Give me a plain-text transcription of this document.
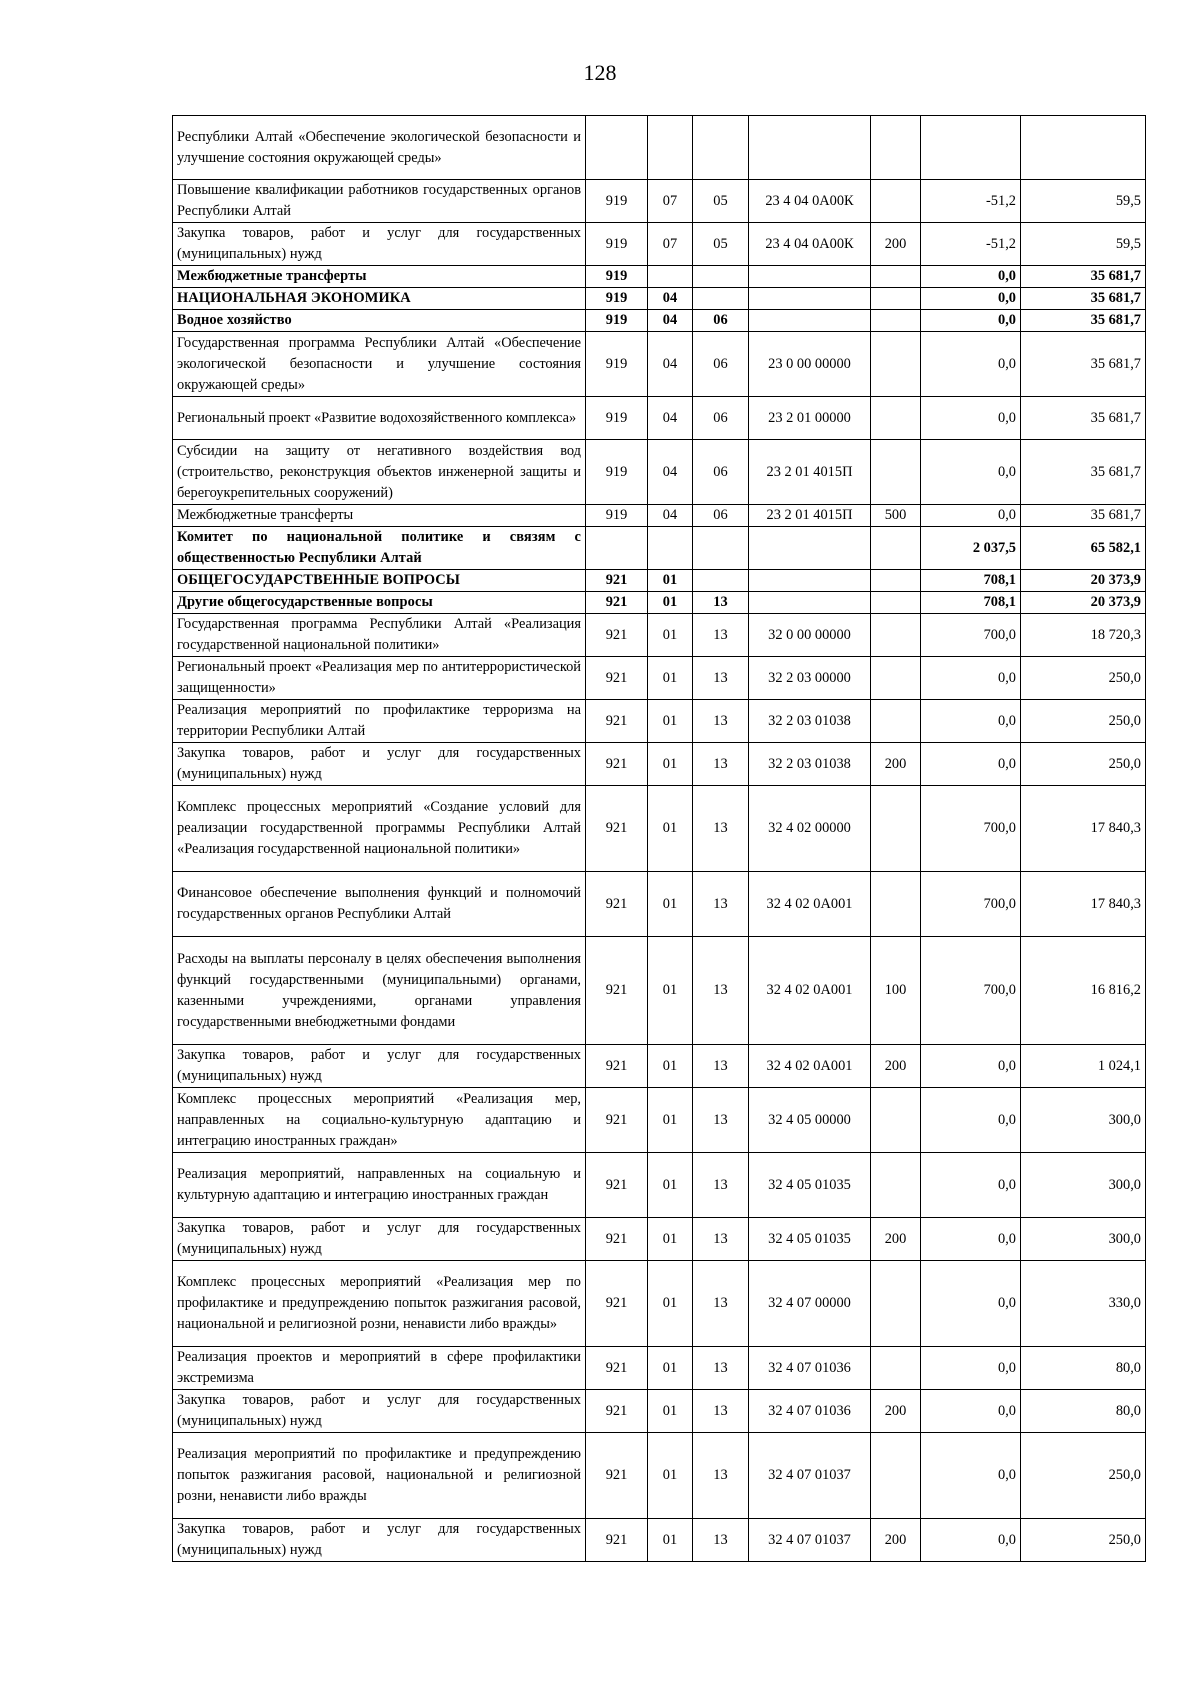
128
Республики Алтай «Обеспечение экологической безопасности и улучшение состояния окружающей среды»							
Повышение квалификации работников государственных органов Республики Алтай	919	07	05	23 4 04 0А00К		-51,2	59,5
Закупка товаров, работ и услуг для государственных (муниципальных) нужд	919	07	05	23 4 04 0А00К	200	-51,2	59,5
Межбюджетные трансферты	919					0,0	35 681,7
НАЦИОНАЛЬНАЯ ЭКОНОМИКА	919	04				0,0	35 681,7
Водное хозяйство	919	04	06			0,0	35 681,7
Государственная программа Республики Алтай «Обеспечение экологической безопасности и улучшение состояния окружающей среды»	919	04	06	23 0 00 00000		0,0	35 681,7
Региональный проект «Развитие водохозяйственного комплекса»	919	04	06	23 2 01 00000		0,0	35 681,7
Субсидии на защиту от негативного воздействия вод (строительство, реконструкция объектов инженерной защиты и берегоукрепительных сооружений)	919	04	06	23 2 01 4015П		0,0	35 681,7
Межбюджетные трансферты	919	04	06	23 2 01 4015П	500	0,0	35 681,7
Комитет по национальной политике и связям с общественностью Республики Алтай						2 037,5	65 582,1
ОБЩЕГОСУДАРСТВЕННЫЕ ВОПРОСЫ	921	01				708,1	20 373,9
Другие общегосударственные вопросы	921	01	13			708,1	20 373,9
Государственная программа Республики Алтай «Реализация государственной национальной политики»	921	01	13	32 0 00 00000		700,0	18 720,3
Региональный проект «Реализация мер по антитеррористической защищенности»	921	01	13	32 2 03 00000		0,0	250,0
Реализация мероприятий по профилактике терроризма на территории Республики Алтай	921	01	13	32 2 03 01038		0,0	250,0
Закупка товаров, работ и услуг для государственных (муниципальных) нужд	921	01	13	32 2 03 01038	200	0,0	250,0
Комплекс процессных мероприятий «Создание условий для реализации государственной программы Республики Алтай «Реализация государственной национальной политики»	921	01	13	32 4 02 00000		700,0	17 840,3
Финансовое обеспечение выполнения функций и полномочий государственных органов Республики Алтай	921	01	13	32 4 02 0А001		700,0	17 840,3
Расходы на выплаты персоналу в целях обеспечения выполнения функций государственными (муниципальными) органами, казенными учреждениями, органами управления государственными внебюджетными фондами	921	01	13	32 4 02 0А001	100	700,0	16 816,2
Закупка товаров, работ и услуг для государственных (муниципальных) нужд	921	01	13	32 4 02 0А001	200	0,0	1 024,1
Комплекс процессных мероприятий «Реализация мер, направленных на социально-культурную адаптацию и интеграцию иностранных граждан»	921	01	13	32 4 05 00000		0,0	300,0
Реализация мероприятий, направленных на социальную и культурную адаптацию и интеграцию иностранных граждан	921	01	13	32 4 05 01035		0,0	300,0
Закупка товаров, работ и услуг для государственных (муниципальных) нужд	921	01	13	32 4 05 01035	200	0,0	300,0
Комплекс процессных мероприятий «Реализация мер по профилактике и предупреждению попыток разжигания расовой, национальной и религиозной розни, ненависти либо вражды»	921	01	13	32 4 07 00000		0,0	330,0
Реализация проектов и мероприятий в сфере профилактики экстремизма	921	01	13	32 4 07 01036		0,0	80,0
Закупка товаров, работ и услуг для государственных (муниципальных) нужд	921	01	13	32 4 07 01036	200	0,0	80,0
Реализация мероприятий по профилактике и предупреждению попыток разжигания расовой, национальной и религиозной розни, ненависти либо вражды	921	01	13	32 4 07 01037		0,0	250,0
Закупка товаров, работ и услуг для государственных (муниципальных) нужд	921	01	13	32 4 07 01037	200	0,0	250,0
